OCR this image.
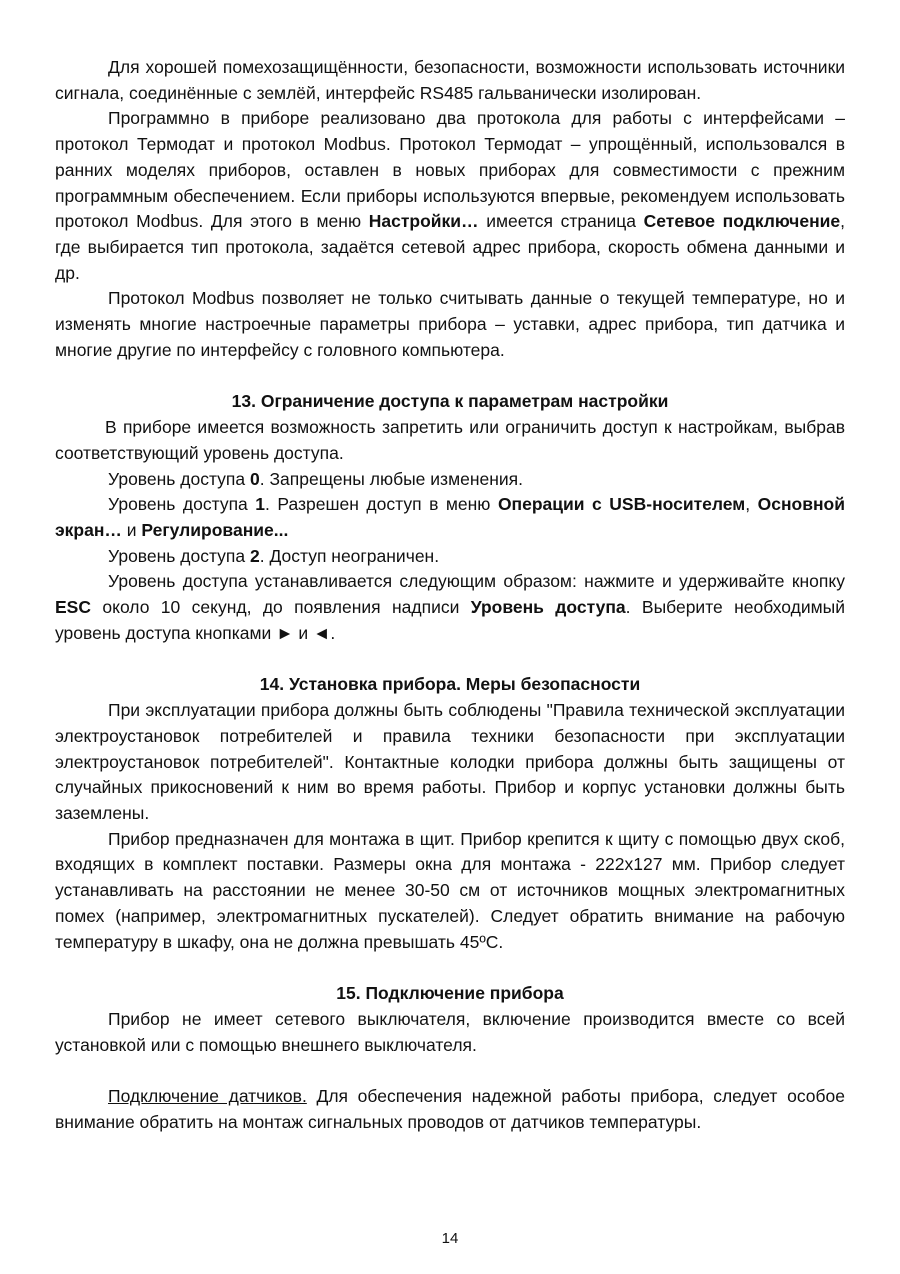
Для хорошей помехозащищённости, безопасности, возможности использовать источники сигнала, соединённые с землёй, интерфейс RS485 гальванически изолирован.

Программно в приборе реализовано два протокола для работы с интерфейсами – протокол Термодат и протокол Modbus. Протокол Термодат – упрощённый, использовался в ранних моделях приборов, оставлен в новых приборах для совместимости с прежним программным обеспечением. Если приборы используются впервые, рекомендуем использовать протокол Modbus. Для этого в меню Настройки… имеется страница Сетевое подключение, где выбирается тип протокола, задаётся сетевой адрес прибора, скорость обмена данными и др.

Протокол Modbus позволяет не только считывать данные о текущей температуре, но и изменять многие настроечные параметры прибора – уставки, адрес прибора, тип датчика и многие другие по интерфейсу с головного компьютера.

13. Ограничение доступа к параметрам настройки

В приборе имеется возможность запретить или ограничить доступ к настройкам, выбрав соответствующий уровень доступа.

Уровень доступа 0. Запрещены любые изменения.

Уровень доступа 1. Разрешен доступ в меню Операции с USB-носителем, Основной экран… и Регулирование...

Уровень доступа 2. Доступ неограничен.

Уровень доступа устанавливается следующим образом: нажмите и удерживайте кнопку ESC около 10 секунд, до появления надписи Уровень доступа. Выберите необходимый уровень доступа кнопками ► и ◄.

14. Установка прибора. Меры безопасности

При эксплуатации прибора должны быть соблюдены "Правила технической эксплуатации электроустановок потребителей и правила техники безопасности при эксплуатации электроустановок потребителей". Контактные колодки прибора должны быть защищены от случайных прикосновений к ним во время работы. Прибор и корпус установки должны быть заземлены.

Прибор предназначен для монтажа в щит. Прибор крепится к щиту с помощью двух скоб, входящих в комплект поставки. Размеры окна для монтажа - 222х127 мм. Прибор следует устанавливать на расстоянии не менее 30-50 см от источников мощных электромагнитных помех (например, электромагнитных пускателей). Следует обратить внимание на рабочую температуру в шкафу, она не должна превышать 45ºС.

15. Подключение прибора

Прибор не имеет сетевого выключателя, включение производится вместе со всей установкой или с помощью внешнего выключателя.

Подключение датчиков. Для обеспечения надежной работы прибора, следует особое внимание обратить на монтаж сигнальных проводов от датчиков температуры.

14
